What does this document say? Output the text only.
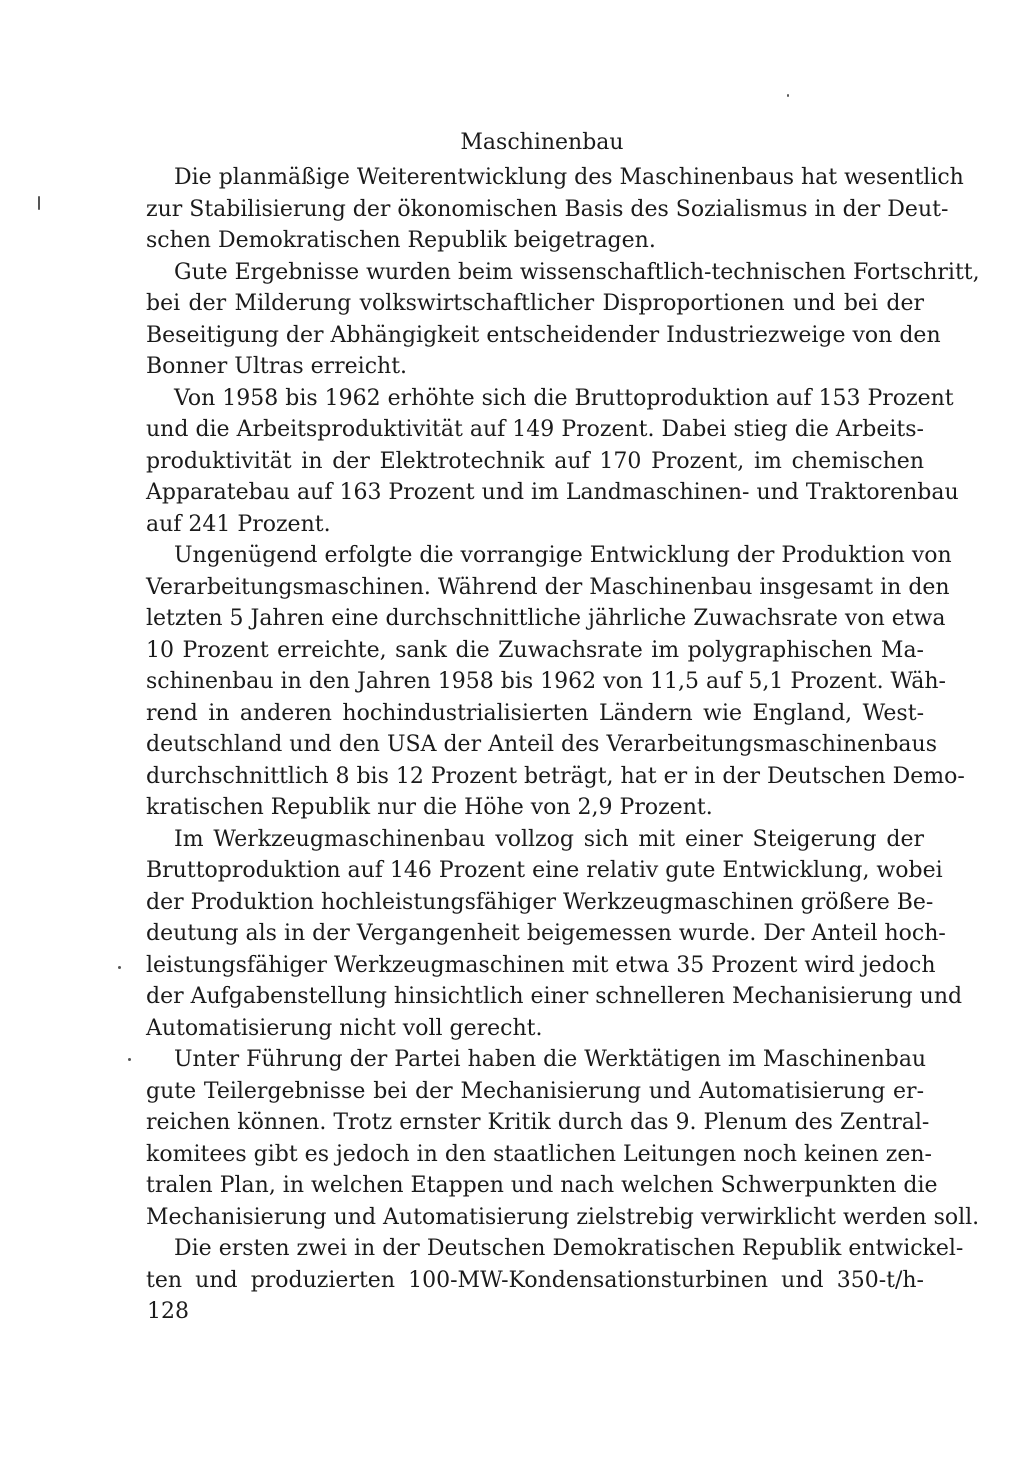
Maschinenbau
Die planmäßige Weiterentwicklung des Maschinenbaus hat wesentlich
zur Stabilisierung der ökonomischen Basis des Sozialismus in der Deut-
schen Demokratischen Republik beigetragen.
Gute Ergebnisse wurden beim wissenschaftlich-technischen Fortschritt,
bei der Milderung volkswirtschaftlicher Disproportionen und bei der
Beseitigung der Abhängigkeit entscheidender Industriezweige von den
Bonner Ultras erreicht.
Von 1958 bis 1962 erhöhte sich die Bruttoproduktion auf 153 Prozent
und die Arbeitsproduktivität auf 149 Prozent. Dabei stieg die Arbeits-
produktivität in der Elektrotechnik auf 170 Prozent, im chemischen
Apparatebau auf 163 Prozent und im Landmaschinen- und Traktorenbau
auf 241 Prozent.
Ungenügend erfolgte die vorrangige Entwicklung der Produktion von
Verarbeitungsmaschinen. Während der Maschinenbau insgesamt in den
letzten 5 Jahren eine durchschnittliche jährliche Zuwachsrate von etwa
10 Prozent erreichte, sank die Zuwachsrate im polygraphischen Ma-
schinenbau in den Jahren 1958 bis 1962 von 11,5 auf 5,1 Prozent. Wäh-
rend in anderen hochindustrialisierten Ländern wie England, West-
deutschland und den USA der Anteil des Verarbeitungsmaschinenbaus
durchschnittlich 8 bis 12 Prozent beträgt, hat er in der Deutschen Demo-
kratischen Republik nur die Höhe von 2,9 Prozent.
Im Werkzeugmaschinenbau vollzog sich mit einer Steigerung der
Bruttoproduktion auf 146 Prozent eine relativ gute Entwicklung, wobei
der Produktion hochleistungsfähiger Werkzeugmaschinen größere Be-
deutung als in der Vergangenheit beigemessen wurde. Der Anteil hoch-
leistungsfähiger Werkzeugmaschinen mit etwa 35 Prozent wird jedoch
der Aufgabenstellung hinsichtlich einer schnelleren Mechanisierung und
Automatisierung nicht voll gerecht.
Unter Führung der Partei haben die Werktätigen im Maschinenbau
gute Teilergebnisse bei der Mechanisierung und Automatisierung er-
reichen können. Trotz ernster Kritik durch das 9. Plenum des Zentral-
komitees gibt es jedoch in den staatlichen Leitungen noch keinen zen-
tralen Plan, in welchen Etappen und nach welchen Schwerpunkten die
Mechanisierung und Automatisierung zielstrebig verwirklicht werden soll.
Die ersten zwei in der Deutschen Demokratischen Republik entwickel-
ten und produzierten 100-MW-Kondensationsturbinen und 350-t/h-
128
